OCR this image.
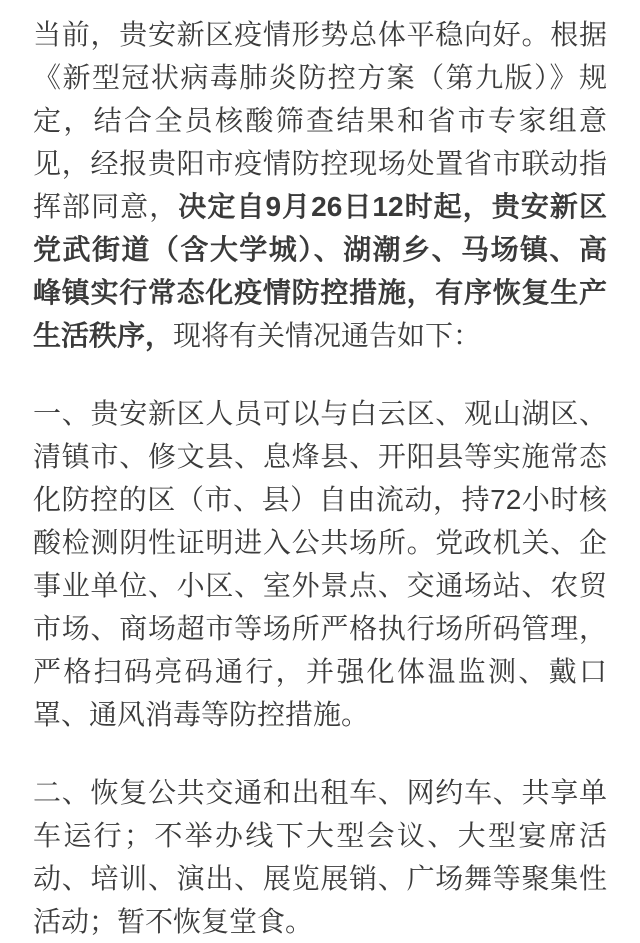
当前，贵安新区疫情形势总体平稳向好。根据
《新型冠状病毒肺炎防控方案（第九版）》规
定，结合全员核酸筛查结果和省市专家组意
见，经报贵阳市疫情防控现场处置省市联动指
挥部同意，决定自9月26日12时起，贵安新区
党武街道（含大学城）、湖潮乡、马场镇、高
峰镇实行常态化疫情防控措施，有序恢复生产
生活秩序，现将有关情况通告如下：
一、贵安新区人员可以与白云区、观山湖区、
清镇市、修文县、息烽县、开阳县等实施常态
化防控的区（市、县）自由流动，持72小时核
酸检测阴性证明进入公共场所。党政机关、企
事业单位、小区、室外景点、交通场站、农贸
市场、商场超市等场所严格执行场所码管理，
严格扫码亮码通行，并强化体温监测、戴口
罩、通风消毒等防控措施。
二、恢复公共交通和出租车、网约车、共享单
车运行；不举办线下大型会议、大型宴席活
动、培训、演出、展览展销、广场舞等聚集性
活动；暂不恢复堂食。
